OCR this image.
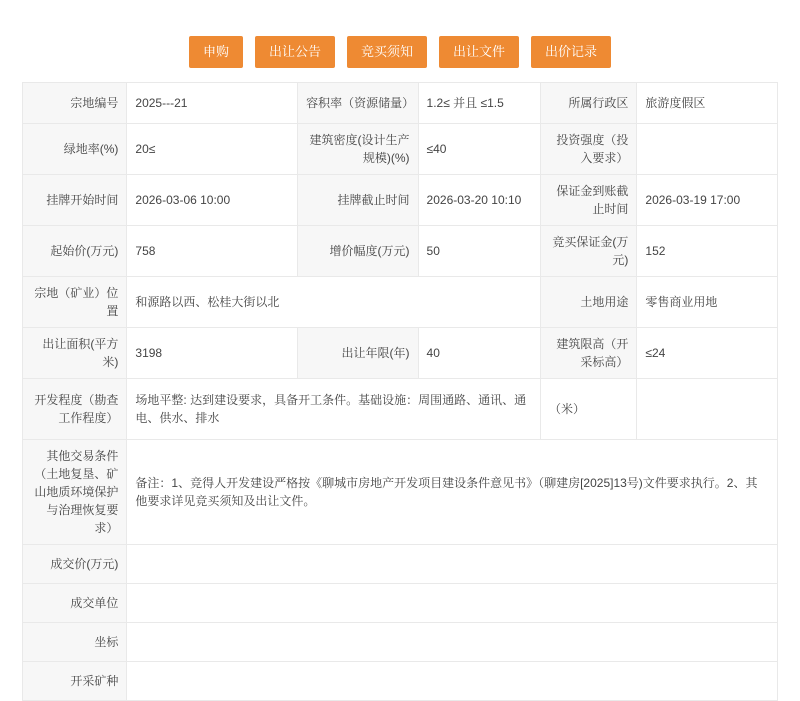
申购	出让公告	竞买须知	出让文件	出价记录
宗地编号	2025---21	容积率（资源储量）	1.2≤ 并且 ≤1.5	所属行政区	旅游度假区
绿地率(%)	20≤	建筑密度(设计生产规模)(%)	≤40	投资强度（投入要求）	
挂牌开始时间	2026-03-06 10:00	挂牌截止时间	2026-03-20 10:10	保证金到账截止时间	2026-03-19 17:00
起始价(万元)	758	增价幅度(万元)	50	竞买保证金(万元)	152
宗地（矿业）位置	和源路以西、松桂大街以北			土地用途	零售商业用地
出让面积(平方米)	3198	出让年限(年)	40	建筑限高（开采标高）	≤24
开发程度（勘查工作程度）	场地平整: 达到建设要求，具备开工条件。基础设施：周围通路、通讯、通电、供水、排水			（米）	
其他交易条件（土地复垦、矿山地质环境保护与治理恢复要求）	备注：1、竞得人开发建设严格按《聊城市房地产开发项目建设条件意见书》（聊建房[2025]13号)文件要求执行。2、其他要求详见竞买须知及出让文件。				
成交价(万元)					
成交单位					
坐标					
开采矿种					
